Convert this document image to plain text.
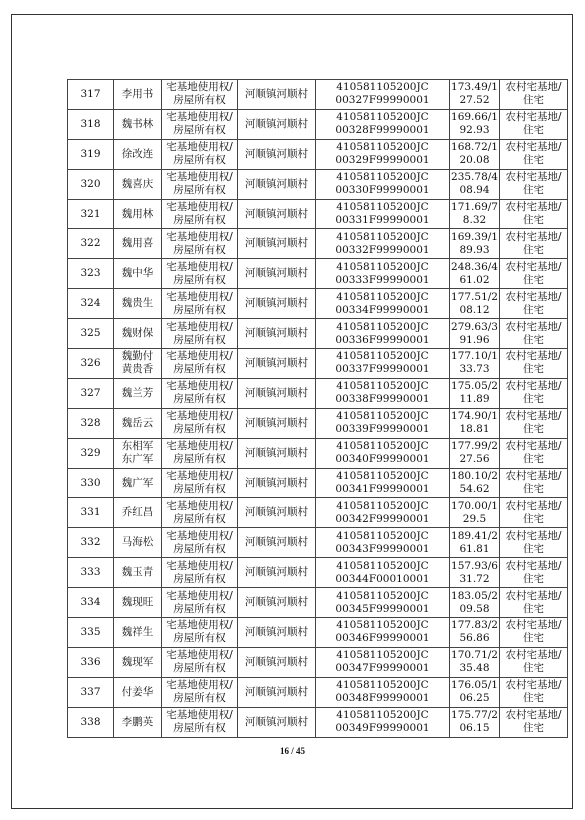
317	李用书	宅基地使用权/
房屋所有权	河顺镇河顺村	410581105200JC
00327F99990001	173.49/1
27.52	农村宅基地/
住宅

318	魏书林	宅基地使用权/
房屋所有权	河顺镇河顺村	410581105200JC
00328F99990001	169.66/1
92.93	农村宅基地/
住宅

319	徐改连	宅基地使用权/
房屋所有权	河顺镇河顺村	410581105200JC
00329F99990001	168.72/1
20.08	农村宅基地/
住宅

320	魏喜庆	宅基地使用权/
房屋所有权	河顺镇河顺村	410581105200JC
00330F99990001	235.78/4
08.94	农村宅基地/
住宅

321	魏用林	宅基地使用权/
房屋所有权	河顺镇河顺村	410581105200JC
00331F99990001	171.69/7
8.32	农村宅基地/
住宅

322	魏用喜	宅基地使用权/
房屋所有权	河顺镇河顺村	410581105200JC
00332F99990001	169.39/1
89.93	农村宅基地/
住宅

323	魏中华	宅基地使用权/
房屋所有权	河顺镇河顺村	410581105200JC
00333F99990001	248.36/4
61.02	农村宅基地/
住宅

324	魏贵生	宅基地使用权/
房屋所有权	河顺镇河顺村	410581105200JC
00334F99990001	177.51/2
08.12	农村宅基地/
住宅

325	魏财保	宅基地使用权/
房屋所有权	河顺镇河顺村	410581105200JC
00336F99990001	279.63/3
91.96	农村宅基地/
住宅

326	魏勤付
黄贵香	宅基地使用权/
房屋所有权	河顺镇河顺村	410581105200JC
00337F99990001	177.10/1
33.73	农村宅基地/
住宅

327	魏兰芳	宅基地使用权/
房屋所有权	河顺镇河顺村	410581105200JC
00338F99990001	175.05/2
11.89	农村宅基地/
住宅

328	魏岳云	宅基地使用权/
房屋所有权	河顺镇河顺村	410581105200JC
00339F99990001	174.90/1
18.81	农村宅基地/
住宅

329	东相军
东广军	宅基地使用权/
房屋所有权	河顺镇河顺村	410581105200JC
00340F99990001	177.99/2
27.56	农村宅基地/
住宅

330	魏广军	宅基地使用权/
房屋所有权	河顺镇河顺村	410581105200JC
00341F99990001	180.10/2
54.62	农村宅基地/
住宅

331	乔红昌	宅基地使用权/
房屋所有权	河顺镇河顺村	410581105200JC
00342F99990001	170.00/1
29.5	农村宅基地/
住宅

332	马海松	宅基地使用权/
房屋所有权	河顺镇河顺村	410581105200JC
00343F99990001	189.41/2
61.81	农村宅基地/
住宅

333	魏玉青	宅基地使用权/
房屋所有权	河顺镇河顺村	410581105200JC
00344F00010001	157.93/6
31.72	农村宅基地/
住宅

334	魏现旺	宅基地使用权/
房屋所有权	河顺镇河顺村	410581105200JC
00345F99990001	183.05/2
09.58	农村宅基地/
住宅

335	魏祥生	宅基地使用权/
房屋所有权	河顺镇河顺村	410581105200JC
00346F99990001	177.83/2
56.86	农村宅基地/
住宅

336	魏现军	宅基地使用权/
房屋所有权	河顺镇河顺村	410581105200JC
00347F99990001	170.71/2
35.48	农村宅基地/
住宅

337	付姜华	宅基地使用权/
房屋所有权	河顺镇河顺村	410581105200JC
00348F99990001	176.05/1
06.25	农村宅基地/
住宅

338	李鹏英	宅基地使用权/
房屋所有权	河顺镇河顺村	410581105200JC
00349F99990001	175.77/2
06.15	农村宅基地/
住宅
16 / 45
